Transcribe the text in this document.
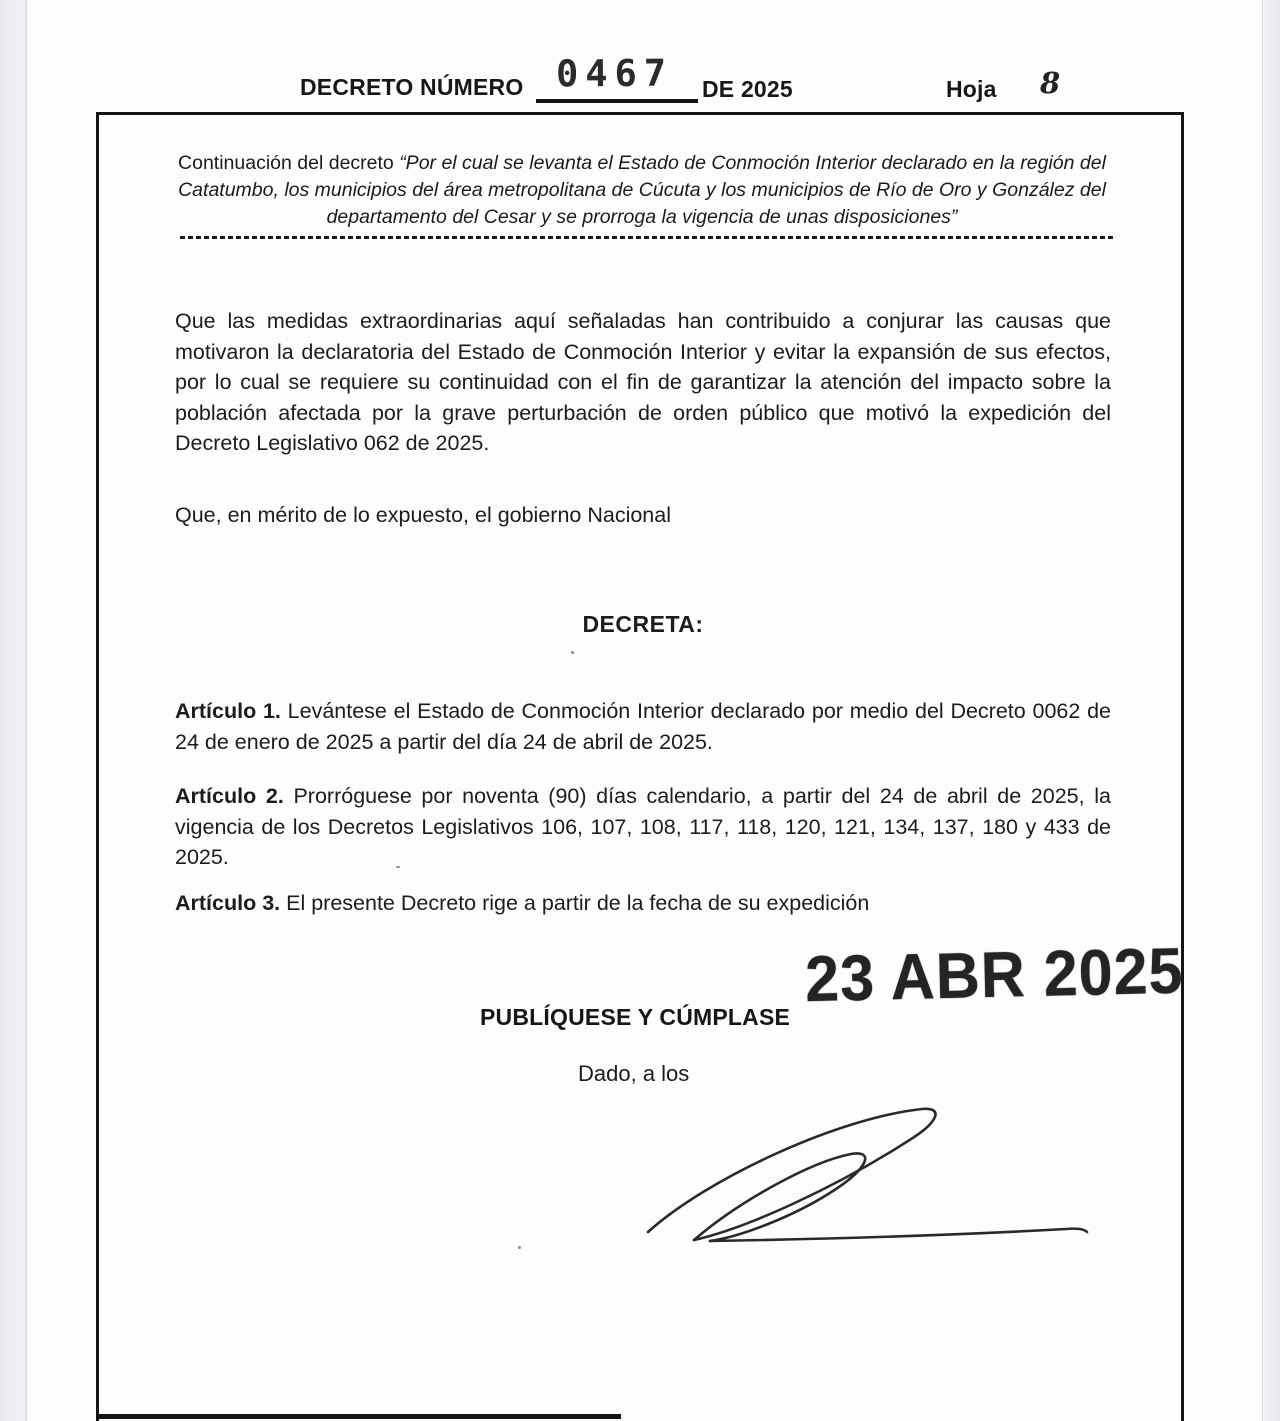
DECRETO NÚMERO 0467 DE 2025	Hoja 8
Continuación del decreto “Por el cual se levanta el Estado de Conmoción Interior declarado en la región del Catatumbo, los municipios del área metropolitana de Cúcuta y los municipios de Río de Oro y González del departamento del Cesar y se prorroga la vigencia de unas disposiciones”
Que las medidas extraordinarias aquí señaladas han contribuido a conjurar las causas que motivaron la declaratoria del Estado de Conmoción Interior y evitar la expansión de sus efectos, por lo cual se requiere su continuidad con el fin de garantizar la atención del impacto sobre la población afectada por la grave perturbación de orden público que motivó la expedición del Decreto Legislativo 062 de 2025.
Que, en mérito de lo expuesto, el gobierno Nacional
DECRETA:
Artículo 1. Levántese el Estado de Conmoción Interior declarado por medio del Decreto 0062 de 24 de enero de 2025 a partir del día 24 de abril de 2025.
Artículo 2. Prorróguese por noventa (90) días calendario, a partir del 24 de abril de 2025, la vigencia de los Decretos Legislativos 106, 107, 108, 117, 118, 120, 121, 134, 137, 180 y 433 de 2025.
Artículo 3. El presente Decreto rige a partir de la fecha de su expedición
PUBLÍQUESE Y CÚMPLASE
23 ABR 2025
Dado, a los
